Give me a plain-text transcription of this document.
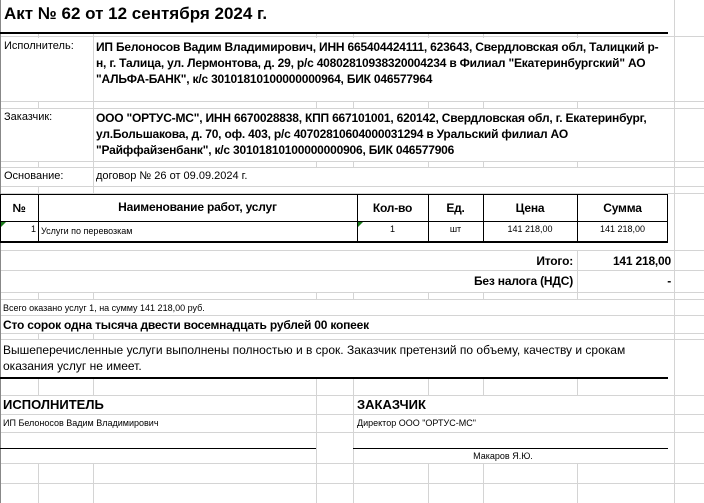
Акт № 62 от 12 сентября 2024 г.
Исполнитель: ИП Белоносов Вадим Владимирович, ИНН 665404424111, 623643, Свердловская обл, Талицкий р-
н, г. Талица, ул. Лермонтова, д. 29, р/с 40802810938320004234 в Филиал "Екатеринбургский" АО
"АЛЬФА-БАНК", к/с 30101810100000000964, БИК 046577964
Заказчик:	ООО "ОРТУС-МС", ИНН 6670028838, КПП 667101001, 620142, Свердловская обл, г. Екатеринбург,
ул.Большакова, д. 70, оф. 403, р/с 40702810604000031294 в Уральский филиал АО
"Райффайзенбанк", к/с 30101810100000000906, БИК 046577906
Основание:	договор № 26 от 09.09.2024 г.
№	Наименование работ, услуг	Кол-во	Ед.	Цена	Сумма
1 Услуги по перевозкам	1	шт	141 218,00	141 218,00
Итого:	141 218,00
Без налога (НДС)	-
Всего оказано услуг 1, на сумму 141 218,00 руб.
Сто сорок одна тысяча двести восемнадцать рублей 00 копеек
Вышеперечисленные услуги выполнены полностью и в срок. Заказчик претензий по объему, качеству и срокам
оказания услуг не имеет.
ИСПОЛНИТЕЛЬ
ИП Белоносов Вадим Владимирович
ЗАКАЗЧИК
Директор ООО "ОРТУС-МС"
Макаров Я.Ю.
